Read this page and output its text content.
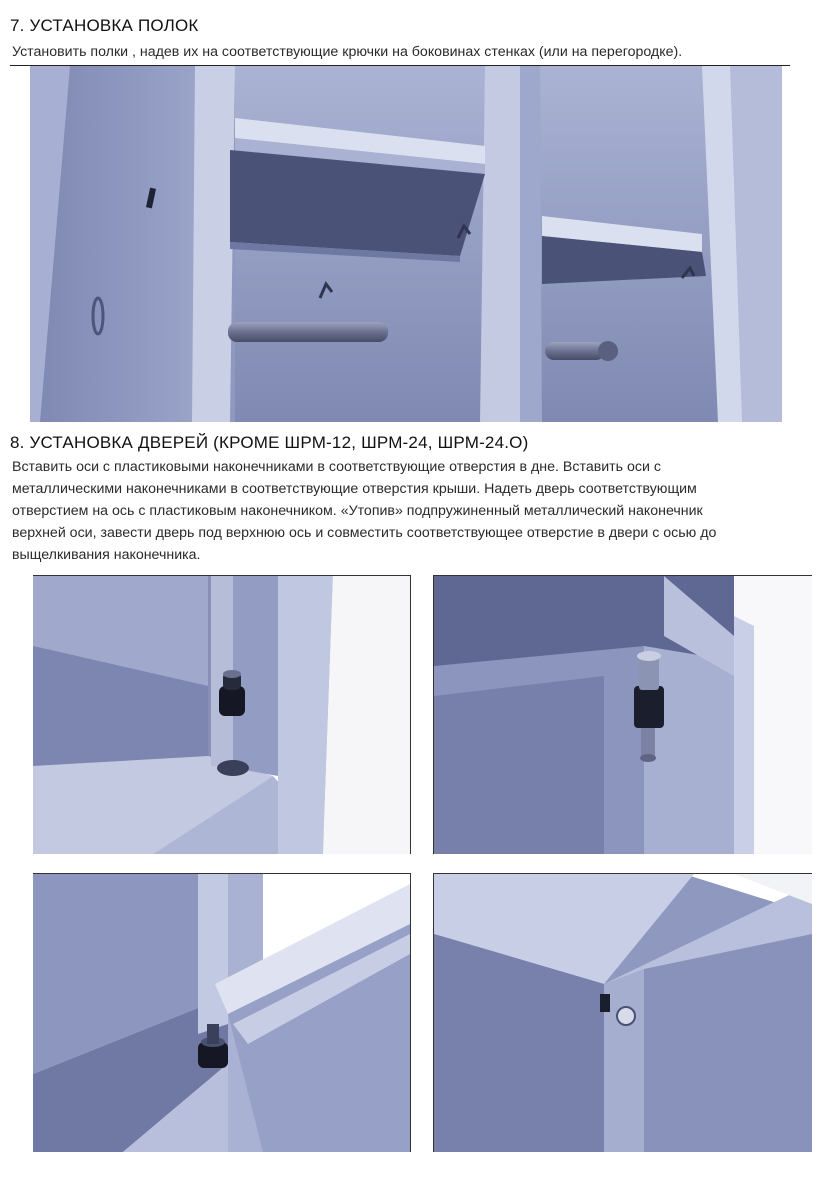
7. УСТАНОВКА ПОЛОК

Установить полки , надев их на соответствующие крючки на боковинах стенках (или на перегородке).

8. УСТАНОВКА ДВЕРЕЙ (КРОМЕ ШРМ-12, ШРМ-24, ШРМ-24.О)

Вставить оси с пластиковыми наконечниками в соответствующие отверстия в дне. Вставить оси с

металлическими наконечниками в соответствующие отверстия крыши. Надеть дверь соответствующим

отверстием на ось с пластиковым наконечником. «Утопив» подпружиненный металлический наконечник

верхней оси, завести дверь под верхнюю ось и совместить соответствующее отверстие в двери с осью до

выщелкивания наконечника.
